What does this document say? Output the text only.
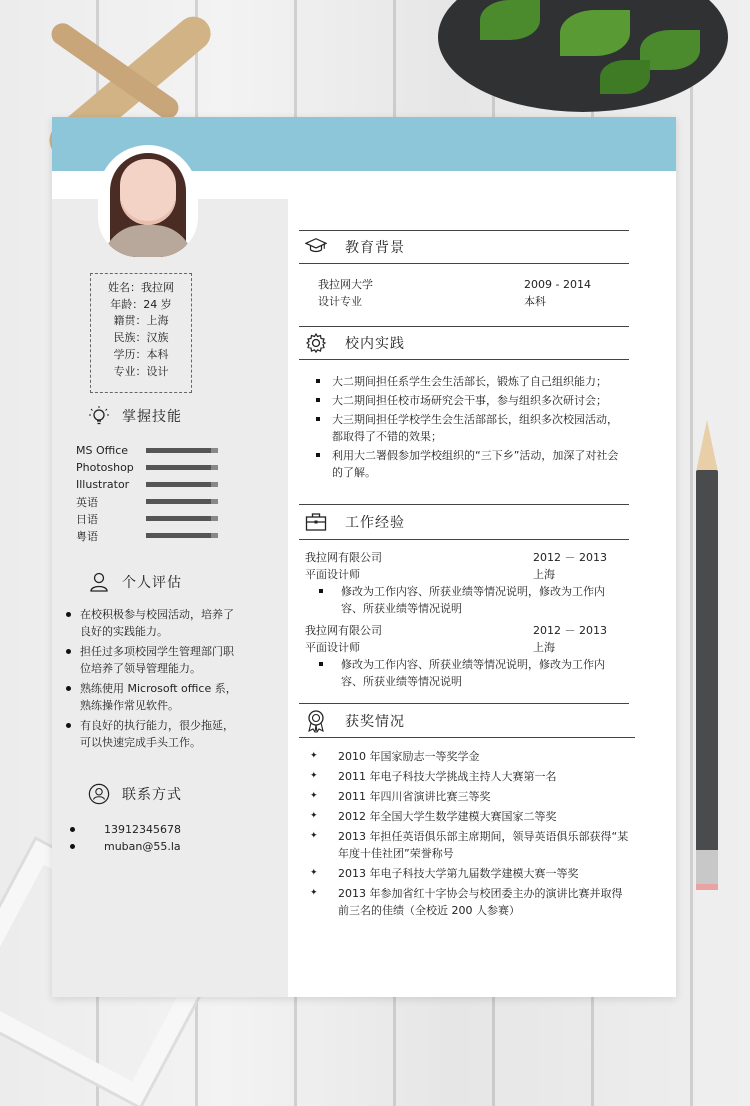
姓名：我拉网
年龄：24 岁
籍贯：上海
民族：汉族
学历：本科
专业：设计
掌握技能
MS Office
Photoshop
Illustrator
英语
日语
粤语
个人评估
在校积极参与校园活动，培养了良好的实践能力。
担任过多项校园学生管理部门职位培养了领导管理能力。
熟练使用 Microsoft office 系，熟练操作常见软件。
有良好的执行能力，很少拖延，可以快速完成手头工作。
联系方式
13912345678
muban@55.la
教育背景
我拉网大学	2009 - 2014
设计专业	本科
校内实践
大二期间担任系学生会生活部长，锻炼了自己组织能力；
大二期间担任校市场研究会干事，参与组织多次研讨会；
大三期间担任学校学生会生活部部长，组织多次校园活动，都取得了不错的效果；
利用大二署假参加学校组织的“三下乡”活动，加深了对社会的了解。
工作经验
我拉网有限公司	2012 － 2013
平面设计师	上海
修改为工作内容、所获业绩等情况说明，修改为工作内容、所获业绩等情况说明
我拉网有限公司	2012 － 2013
平面设计师	上海
修改为工作内容、所获业绩等情况说明，修改为工作内容、所获业绩等情况说明
获奖情况
✦ 2010 年国家励志一等奖学金
✦ 2011 年电子科技大学挑战主持人大赛第一名
✦ 2011 年四川省演讲比赛三等奖
✦ 2012 年全国大学生数学建模大赛国家二等奖
✦ 2013 年担任英语俱乐部主席期间，领导英语俱乐部获得“某年度十佳社团”荣誉称号
✦ 2013 年电子科技大学第九届数学建模大赛一等奖
✦ 2013 年参加省红十字协会与校团委主办的演讲比赛并取得前三名的佳绩（全校近 200 人参赛）
